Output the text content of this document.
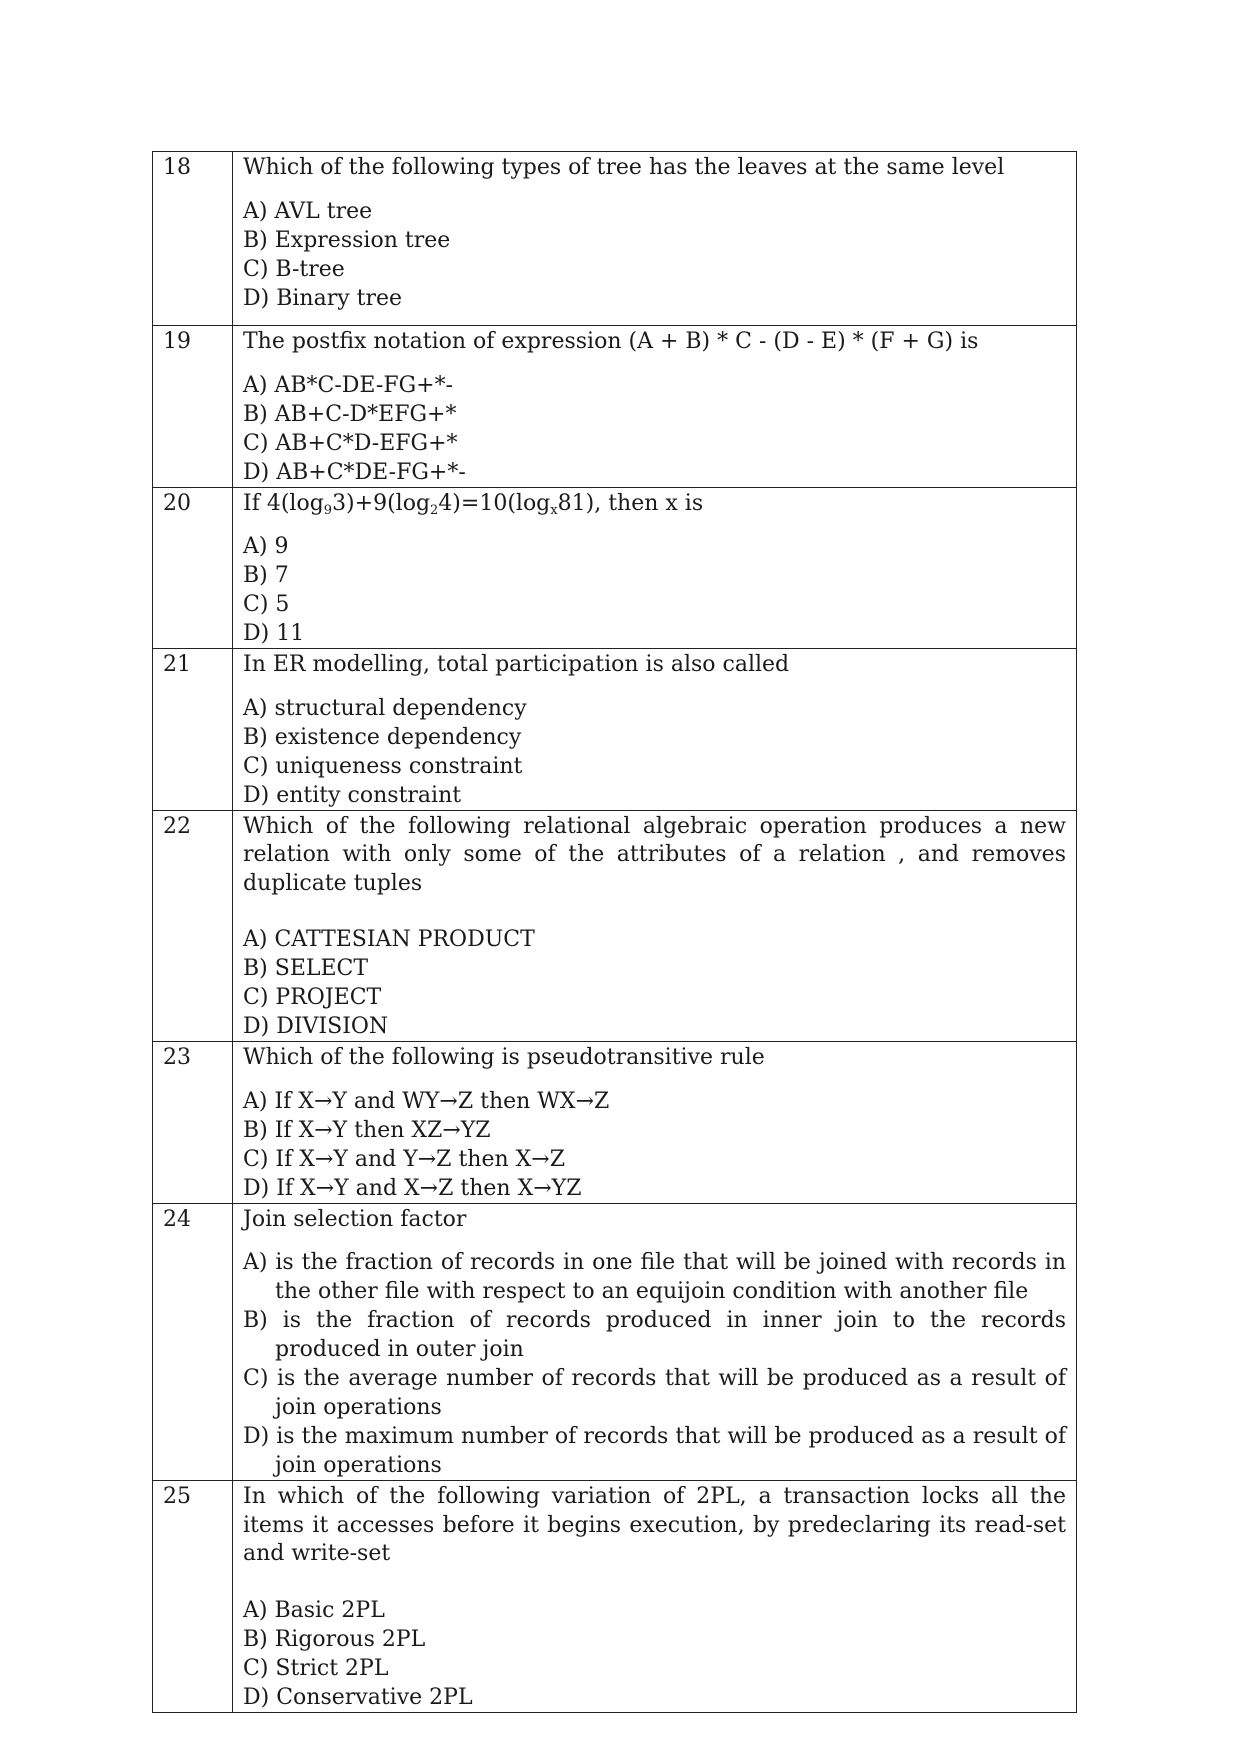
18	Which of the following types of tree has the leaves at the same level
A) AVL tree
B) Expression tree
C) B-tree
D) Binary tree

19	The postfix notation of expression (A + B) * C - (D - E) * (F + G) is
A) AB*C-DE-FG+*-
B) AB+C-D*EFG+*
C) AB+C*D-EFG+*
D) AB+C*DE-FG+*-

20	If $4(\log_93)+9(\log_24)=10(\log_x81)$, then x is
A) 9
B) 7
C) 5
D) 11

21	In ER modelling, total participation is also called
A) structural dependency
B) existence dependency
C) uniqueness constraint
D) entity constraint

22	Which of the following relational algebraic operation produces a new relation with only some of the attributes of a relation , and removes duplicate tuples
A) CATTESIAN PRODUCT
B) SELECT
C) PROJECT
D) DIVISION

23	Which of the following is pseudotransitive rule
A) If X→Y and WY→Z then WX→Z
B) If X→Y then XZ→YZ
C) If X→Y and Y→Z then X→Z
D) If X→Y and X→Z then X→YZ

24	Join selection factor
A) is the fraction of records in one file that will be joined with records in the other file with respect to an equijoin condition with another file
B) is the fraction of records produced in inner join to the records produced in outer join
C) is the average number of records that will be produced as a result of join operations
D) is the maximum number of records that will be produced as a result of join operations

25	In which of the following variation of 2PL, a transaction locks all the items it accesses before it begins execution, by predeclaring its read-set and write-set
A) Basic 2PL
B) Rigorous 2PL
C) Strict 2PL
D) Conservative 2PL
